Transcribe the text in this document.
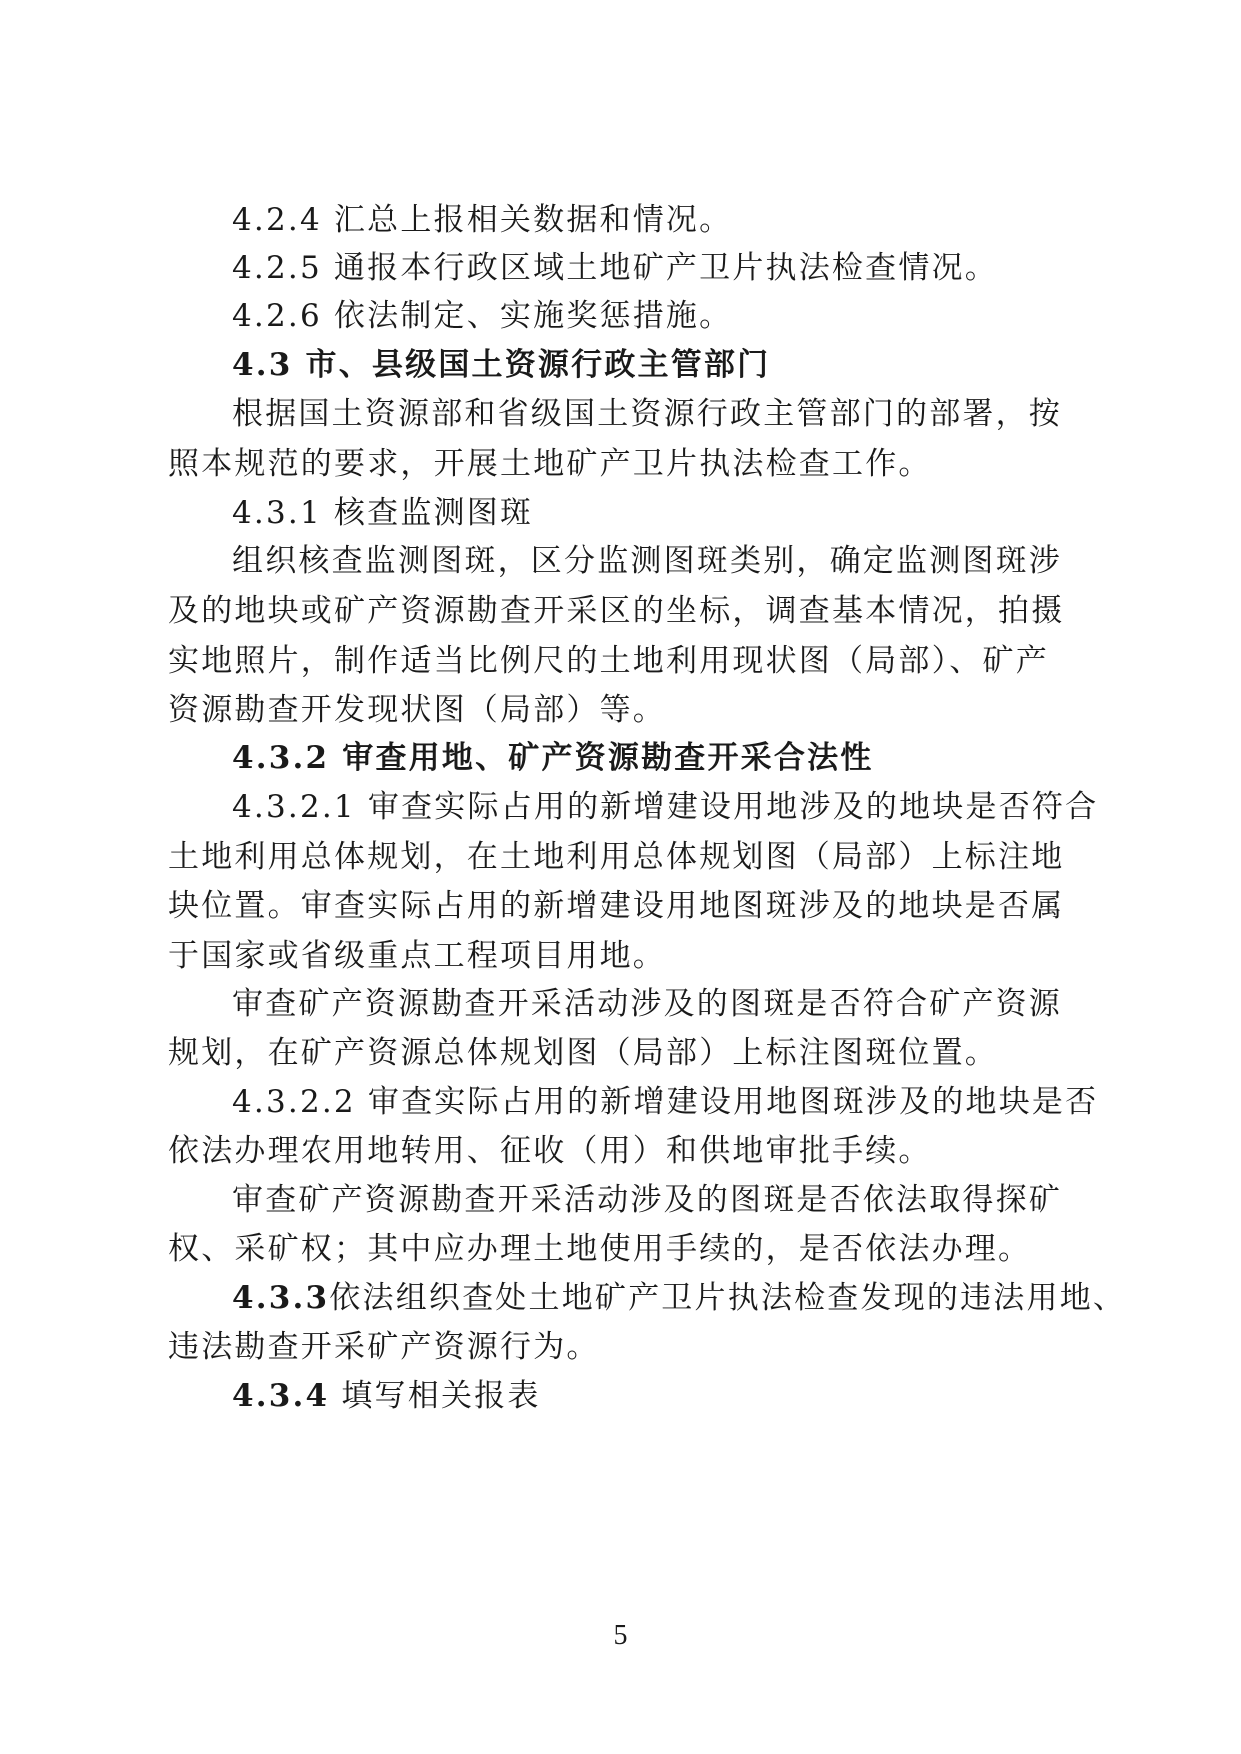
4.2.4 汇总上报相关数据和情况。
4.2.5 通报本行政区域土地矿产卫片执法检查情况。
4.2.6 依法制定、实施奖惩措施。
4.3 市、县级国土资源行政主管部门
根据国土资源部和省级国土资源行政主管部门的部署，按
照本规范的要求，开展土地矿产卫片执法检查工作。
4.3.1 核查监测图斑
组织核查监测图斑，区分监测图斑类别，确定监测图斑涉
及的地块或矿产资源勘查开采区的坐标，调查基本情况，拍摄
实地照片，制作适当比例尺的土地利用现状图（局部）、矿产
资源勘查开发现状图（局部）等。
4.3.2 审查用地、矿产资源勘查开采合法性
4.3.2.1 审查实际占用的新增建设用地涉及的地块是否符合
土地利用总体规划，在土地利用总体规划图（局部）上标注地
块位置。审查实际占用的新增建设用地图斑涉及的地块是否属
于国家或省级重点工程项目用地。
审查矿产资源勘查开采活动涉及的图斑是否符合矿产资源
规划，在矿产资源总体规划图（局部）上标注图斑位置。
4.3.2.2 审查实际占用的新增建设用地图斑涉及的地块是否
依法办理农用地转用、征收（用）和供地审批手续。
审查矿产资源勘查开采活动涉及的图斑是否依法取得探矿
权、采矿权；其中应办理土地使用手续的，是否依法办理。
4.3.3依法组织查处土地矿产卫片执法检查发现的违法用地、
违法勘查开采矿产资源行为。
4.3.4 填写相关报表
5
